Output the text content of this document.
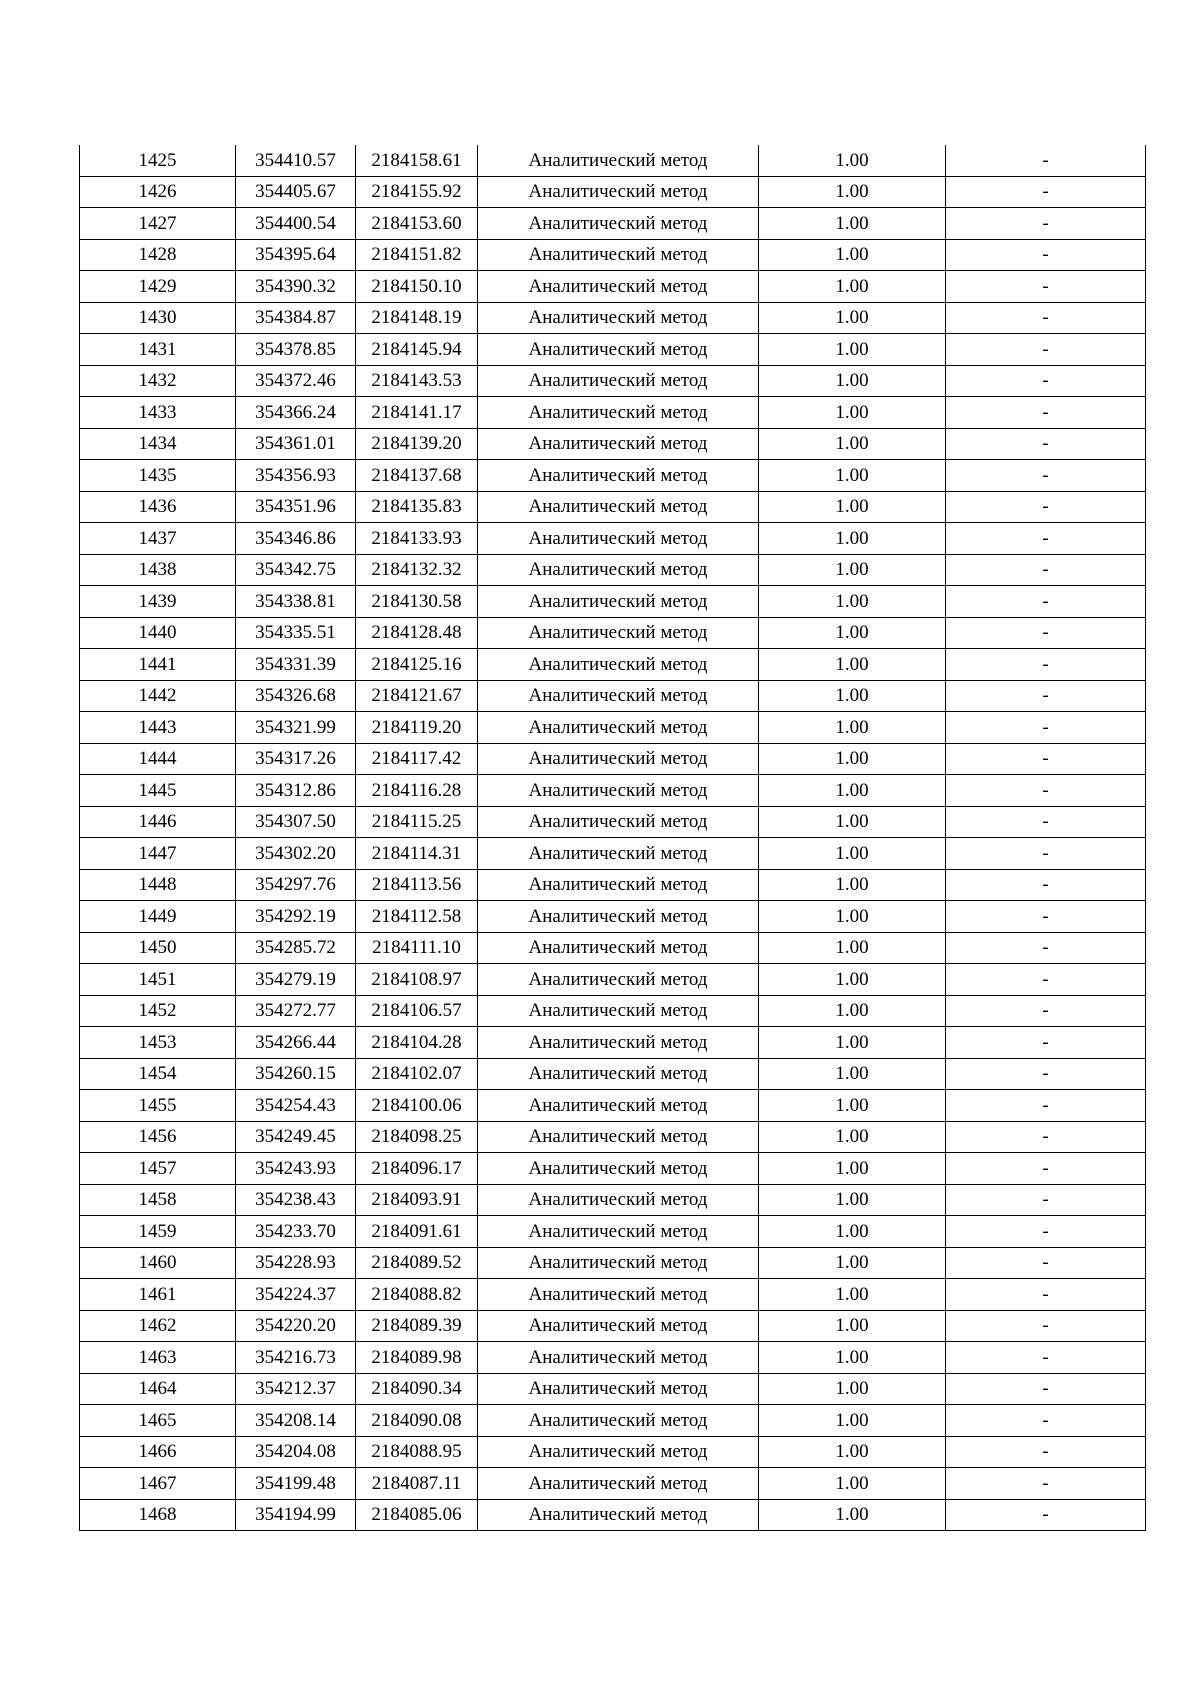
1425	354410.57	2184158.61	Аналитический метод	1.00	-
1426	354405.67	2184155.92	Аналитический метод	1.00	-
1427	354400.54	2184153.60	Аналитический метод	1.00	-
1428	354395.64	2184151.82	Аналитический метод	1.00	-
1429	354390.32	2184150.10	Аналитический метод	1.00	-
1430	354384.87	2184148.19	Аналитический метод	1.00	-
1431	354378.85	2184145.94	Аналитический метод	1.00	-
1432	354372.46	2184143.53	Аналитический метод	1.00	-
1433	354366.24	2184141.17	Аналитический метод	1.00	-
1434	354361.01	2184139.20	Аналитический метод	1.00	-
1435	354356.93	2184137.68	Аналитический метод	1.00	-
1436	354351.96	2184135.83	Аналитический метод	1.00	-
1437	354346.86	2184133.93	Аналитический метод	1.00	-
1438	354342.75	2184132.32	Аналитический метод	1.00	-
1439	354338.81	2184130.58	Аналитический метод	1.00	-
1440	354335.51	2184128.48	Аналитический метод	1.00	-
1441	354331.39	2184125.16	Аналитический метод	1.00	-
1442	354326.68	2184121.67	Аналитический метод	1.00	-
1443	354321.99	2184119.20	Аналитический метод	1.00	-
1444	354317.26	2184117.42	Аналитический метод	1.00	-
1445	354312.86	2184116.28	Аналитический метод	1.00	-
1446	354307.50	2184115.25	Аналитический метод	1.00	-
1447	354302.20	2184114.31	Аналитический метод	1.00	-
1448	354297.76	2184113.56	Аналитический метод	1.00	-
1449	354292.19	2184112.58	Аналитический метод	1.00	-
1450	354285.72	2184111.10	Аналитический метод	1.00	-
1451	354279.19	2184108.97	Аналитический метод	1.00	-
1452	354272.77	2184106.57	Аналитический метод	1.00	-
1453	354266.44	2184104.28	Аналитический метод	1.00	-
1454	354260.15	2184102.07	Аналитический метод	1.00	-
1455	354254.43	2184100.06	Аналитический метод	1.00	-
1456	354249.45	2184098.25	Аналитический метод	1.00	-
1457	354243.93	2184096.17	Аналитический метод	1.00	-
1458	354238.43	2184093.91	Аналитический метод	1.00	-
1459	354233.70	2184091.61	Аналитический метод	1.00	-
1460	354228.93	2184089.52	Аналитический метод	1.00	-
1461	354224.37	2184088.82	Аналитический метод	1.00	-
1462	354220.20	2184089.39	Аналитический метод	1.00	-
1463	354216.73	2184089.98	Аналитический метод	1.00	-
1464	354212.37	2184090.34	Аналитический метод	1.00	-
1465	354208.14	2184090.08	Аналитический метод	1.00	-
1466	354204.08	2184088.95	Аналитический метод	1.00	-
1467	354199.48	2184087.11	Аналитический метод	1.00	-
1468	354194.99	2184085.06	Аналитический метод	1.00	-
